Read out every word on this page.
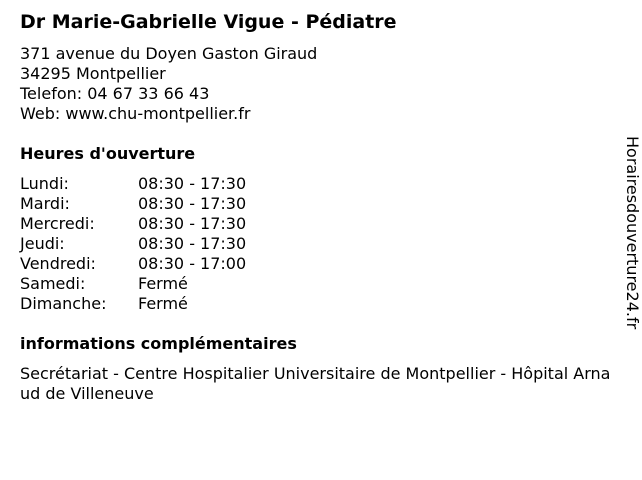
Dr Marie-Gabrielle Vigue - Pédiatre
371 avenue du Doyen Gaston Giraud
34295 Montpellier
Telefon: 04 67 33 66 43
Web: www.chu-montpellier.fr
Heures d'ouverture
Lundi:	08:30 - 17:30
Mardi:	08:30 - 17:30
Mercredi:	08:30 - 17:30
Jeudi:	08:30 - 17:30
Vendredi:	08:30 - 17:00
Samedi:	Fermé
Dimanche:	Fermé
informations complémentaires
Secrétariat - Centre Hospitalier Universitaire de Montpellier - Hôpital Arnaud de Villeneuve
Horairesdouverture24.fr
